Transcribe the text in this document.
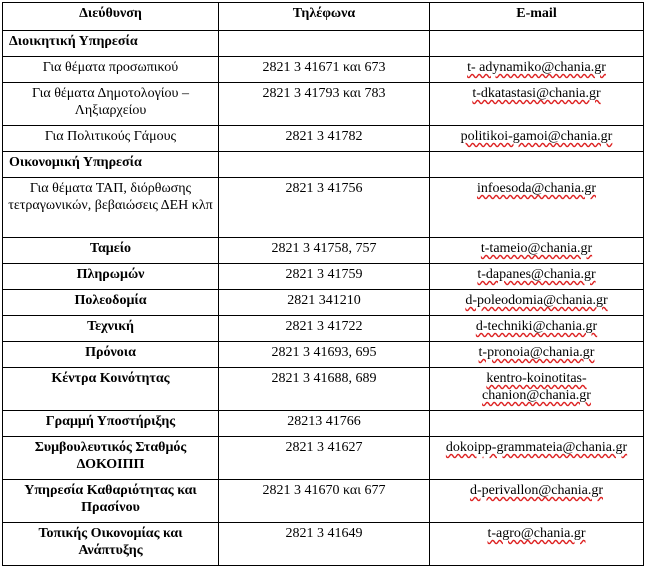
Διεύθυνση	Τηλέφωνα	E-mail
Διοικητική Υπηρεσία		
Για θέματα προσωπικού	2821 3 41671 και 673	t- adynamiko@chania.gr
Για θέματα Δημοτολογίου – Ληξιαρχείου	2821 3 41793 και 783	t-dkatastasi@chania.gr
Για Πολιτικούς Γάμους	2821 3 41782	politikoi-gamoi@chania.gr
Οικονομική Υπηρεσία		
Για θέματα ΤΑΠ, διόρθωσης τετραγωνικών, βεβαιώσεις ΔΕΗ κλπ	2821 3 41756	infoesoda@chania.gr
Ταμείο	2821 3 41758, 757	t-tameio@chania.gr
Πληρωμών	2821 3 41759	t-dapanes@chania.gr
Πολεοδομία	2821 341210	d-poleodomia@chania.gr
Τεχνική	2821 3 41722	d-techniki@chania.gr
Πρόνοια	2821 3 41693, 695	t-pronoia@chania.gr
Κέντρα Κοινότητας	2821 3 41688, 689	kentro-koinotitas-chanion@chania.gr
Γραμμή Υποστήριξης	28213 41766	
Συμβουλευτικός Σταθμός ΔΟΚΟΙΠΠ	2821 3 41627	dokoipp-grammateia@chania.gr
Υπηρεσία Καθαριότητας και Πρασίνου	2821 3 41670 και 677	d-perivallon@chania.gr
Τοπικής Οικονομίας και Ανάπτυξης	2821 3 41649	t-agro@chania.gr
